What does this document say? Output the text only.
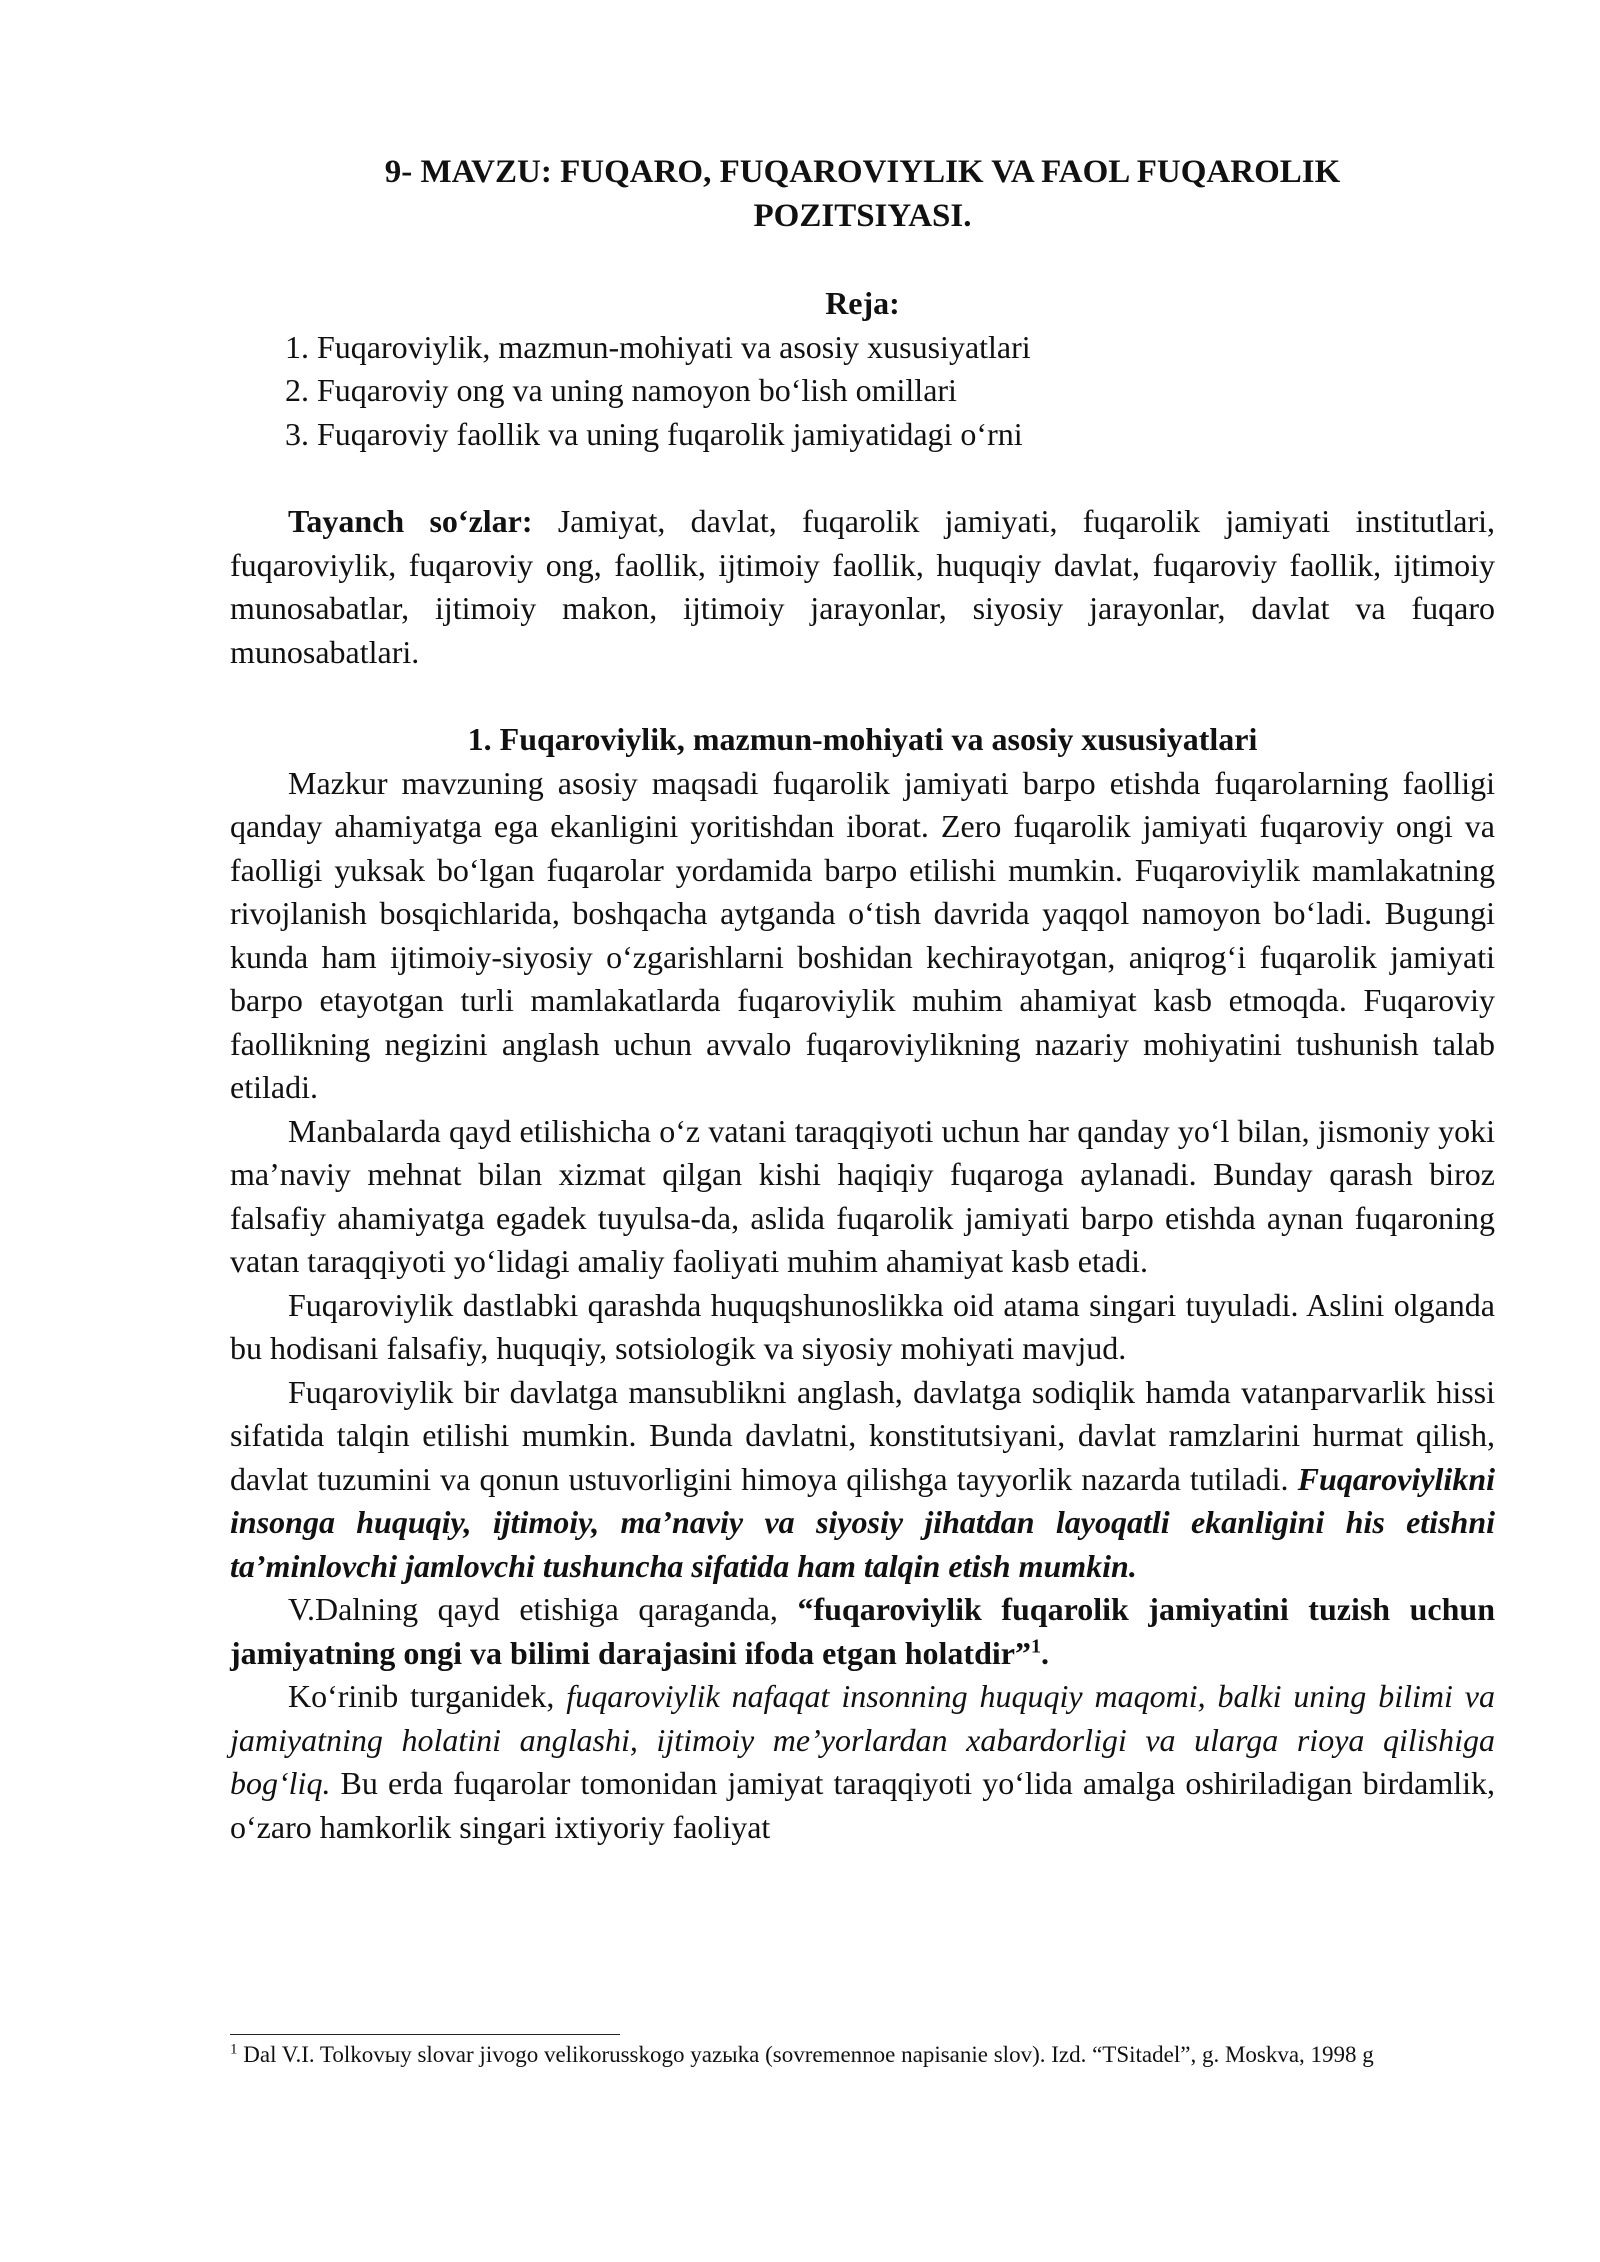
9- MAVZU: FUQARO, FUQAROVIYLIK VA FAOL FUQAROLIK
POZITSIYASI.

Reja:
1. Fuqaroviylik, mazmun-mohiyati va asosiy xususiyatlari
2. Fuqaroviy ong va uning namoyon bo‘lish omillari
3. Fuqaroviy faollik va uning fuqarolik jamiyatidagi o‘rni

Tayanch so‘zlar: Jamiyat, davlat, fuqarolik jamiyati, fuqarolik jamiyati institutlari, fuqaroviylik, fuqaroviy ong, faollik, ijtimoiy faollik, huquqiy davlat, fuqaroviy faollik, ijtimoiy munosabatlar, ijtimoiy makon, ijtimoiy jarayonlar, siyosiy jarayonlar, davlat va fuqaro munosabatlari.

1. Fuqaroviylik, mazmun-mohiyati va asosiy xususiyatlari

Mazkur mavzuning asosiy maqsadi fuqarolik jamiyati barpo etishda fuqarolarning faolligi qanday ahamiyatga ega ekanligini yoritishdan iborat. Zero fuqarolik jamiyati fuqaroviy ongi va faolligi yuksak bo‘lgan fuqarolar yordamida barpo etilishi mumkin. Fuqaroviylik mamlakatning rivojlanish bosqichlarida, boshqacha aytganda o‘tish davrida yaqqol namoyon bo‘ladi. Bugungi kunda ham ijtimoiy-siyosiy o‘zgarishlarni boshidan kechirayotgan, aniqrog‘i fuqarolik jamiyati barpo etayotgan turli mamlakatlarda fuqaroviylik muhim ahamiyat kasb etmoqda. Fuqaroviy faollikning negizini anglash uchun avvalo fuqaroviylikning nazariy mohiyatini tushunish talab etiladi.

Manbalarda qayd etilishicha o‘z vatani taraqqiyoti uchun har qanday yo‘l bilan, jismoniy yoki ma’naviy mehnat bilan xizmat qilgan kishi haqiqiy fuqaroga aylanadi. Bunday qarash biroz falsafiy ahamiyatga egadek tuyulsa-da, aslida fuqarolik jamiyati barpo etishda aynan fuqaroning vatan taraqqiyoti yo‘lidagi amaliy faoliyati muhim ahamiyat kasb etadi.

Fuqaroviylik dastlabki qarashda huquqshunoslikka oid atama singari tuyuladi. Aslini olganda bu hodisani falsafiy, huquqiy, sotsiologik va siyosiy mohiyati mavjud.

Fuqaroviylik bir davlatga mansublikni anglash, davlatga sodiqlik hamda vatanparvarlik hissi sifatida talqin etilishi mumkin. Bunda davlatni, konstitutsiyani, davlat ramzlarini hurmat qilish, davlat tuzumini va qonun ustuvorligini himoya qilishga tayyorlik nazarda tutiladi. Fuqaroviylikni insonga huquqiy, ijtimoiy, ma’naviy va siyosiy jihatdan layoqatli ekanligini his etishni ta’minlovchi jamlovchi tushuncha sifatida ham talqin etish mumkin.

V.Dalning qayd etishiga qaraganda, “fuqaroviylik fuqarolik jamiyatini tuzish uchun jamiyatning ongi va bilimi darajasini ifoda etgan holatdir”$^1$.

Ko‘rinib turganidek, fuqaroviylik nafaqat insonning huquqiy maqomi, balki uning bilimi va jamiyatning holatini anglashi, ijtimoiy me’yorlardan xabardorligi va ularga rioya qilishiga bog‘liq. Bu erda fuqarolar tomonidan jamiyat taraqqiyoti yo‘lida amalga oshiriladigan birdamlik, o‘zaro hamkorlik singari ixtiyoriy faoliyat

$^1$ Dal V.I. Tolkovыy slovar jivogo velikorusskogo yazыka (sovremennoe napisanie slov). Izd. “TSitadel”, g. Moskva, 1998 g
